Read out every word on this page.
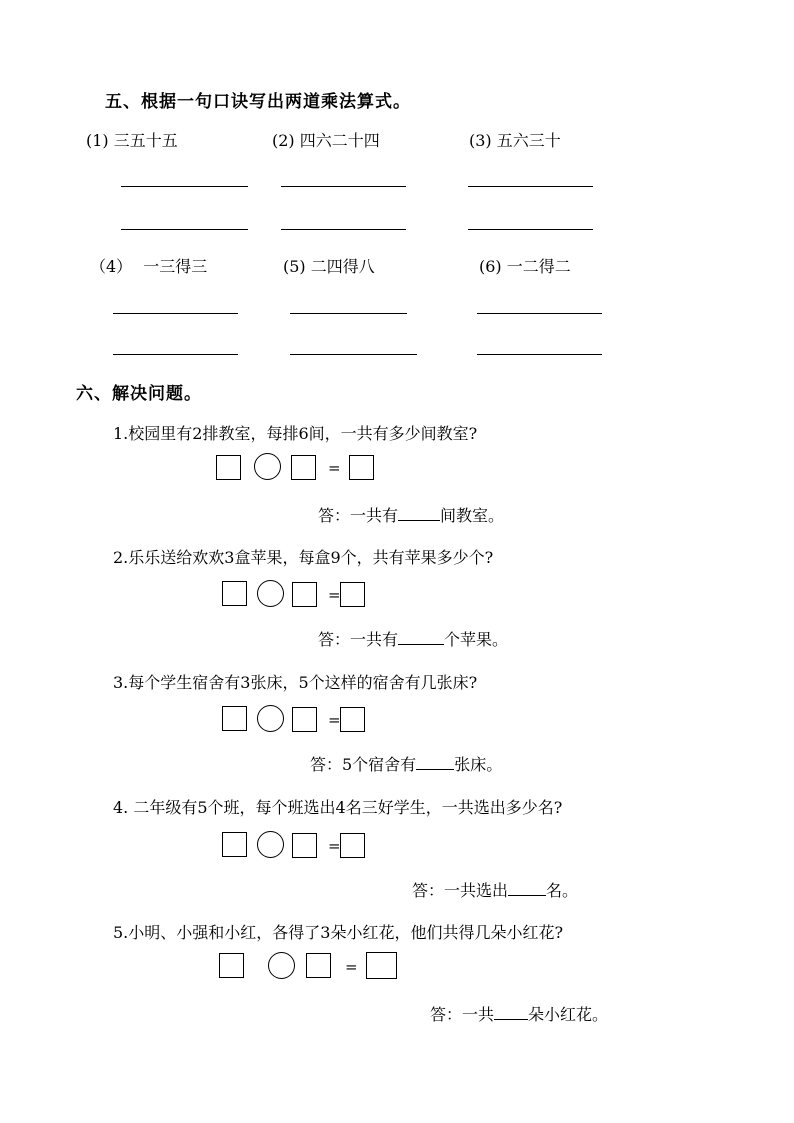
五、根据一句口诀写出两道乘法算式。
(1) 三五十五	(2) 四六二十四	(3) 五六三十
（4） 一三得三	(5) 二四得八	(6) 一二得二
六、解决问题。
1.校园里有2排教室，每排6间，一共有多少间教室?
=
答：一共有	间教室。
2.乐乐送给欢欢3盒苹果，每盒9个，共有苹果多少个?
=
答：一共有	个苹果。
3.每个学生宿舍有3张床，5个这样的宿舍有几张床?
=
答：5个宿舍有 张床。
4. 二年级有5个班，每个班选出4名三好学生，一共选出多少名?
=
答：一共选出 名。
5.小明、小强和小红，各得了3朵小红花，他们共得几朵小红花?
=
答：一共 朵小红花。
